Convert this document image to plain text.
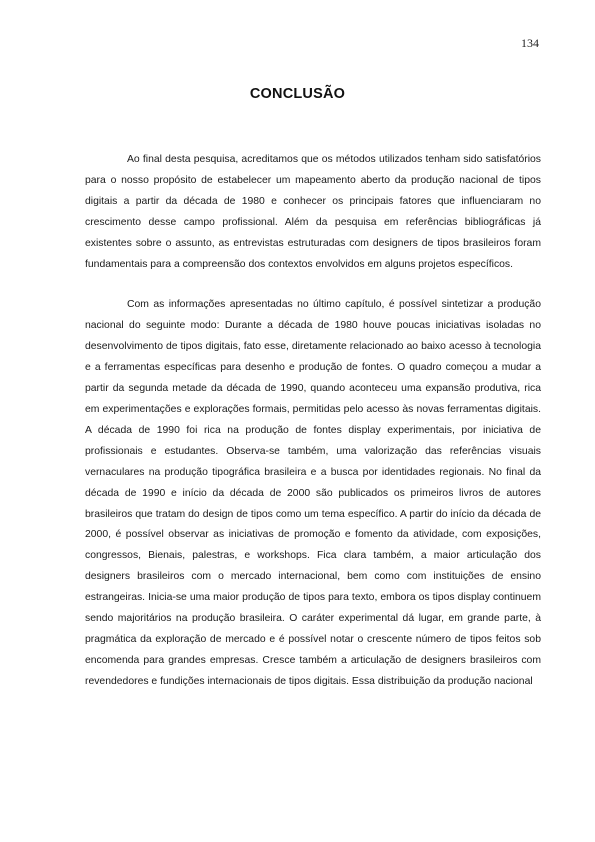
134
CONCLUSÃO

Ao final desta pesquisa, acreditamos que os métodos utilizados tenham sido satisfatórios para o nosso propósito de estabelecer um mapeamento aberto da produção nacional de tipos digitais a partir da década de 1980 e conhecer os principais fatores que influenciaram no crescimento desse campo profissional. Além da pesquisa em referências bibliográficas já existentes sobre o assunto, as entrevistas estruturadas com designers de tipos brasileiros foram fundamentais para a compreensão dos contextos envolvidos em alguns projetos específicos.

Com as informações apresentadas no último capítulo, é possível sintetizar a produção nacional do seguinte modo: Durante a década de 1980 houve poucas iniciativas isoladas no desenvolvimento de tipos digitais, fato esse, diretamente relacionado ao baixo acesso à tecnologia e a ferramentas específicas para desenho e produção de fontes. O quadro começou a mudar a partir da segunda metade da década de 1990, quando aconteceu uma expansão produtiva, rica em experimentações e explorações formais, permitidas pelo acesso às novas ferramentas digitais. A década de 1990 foi rica na produção de fontes display experimentais, por iniciativa de profissionais e estudantes. Observa-se também, uma valorização das referências visuais vernaculares na produção tipográfica brasileira e a busca por identidades regionais. No final da década de 1990 e início da década de 2000 são publicados os primeiros livros de autores brasileiros que tratam do design de tipos como um tema específico. A partir do início da década de 2000, é possível observar as iniciativas de promoção e fomento da atividade, com exposições, congressos, Bienais, palestras, e workshops. Fica clara também, a maior articulação dos designers brasileiros com o mercado internacional, bem como com instituições de ensino estrangeiras. Inicia-se uma maior produção de tipos para texto, embora os tipos display continuem sendo majoritários na produção brasileira. O caráter experimental dá lugar, em grande parte, à pragmática da exploração de mercado e é possível notar o crescente número de tipos feitos sob encomenda para grandes empresas. Cresce também a articulação de designers brasileiros com revendedores e fundições internacionais de tipos digitais. Essa distribuição da produção nacional
